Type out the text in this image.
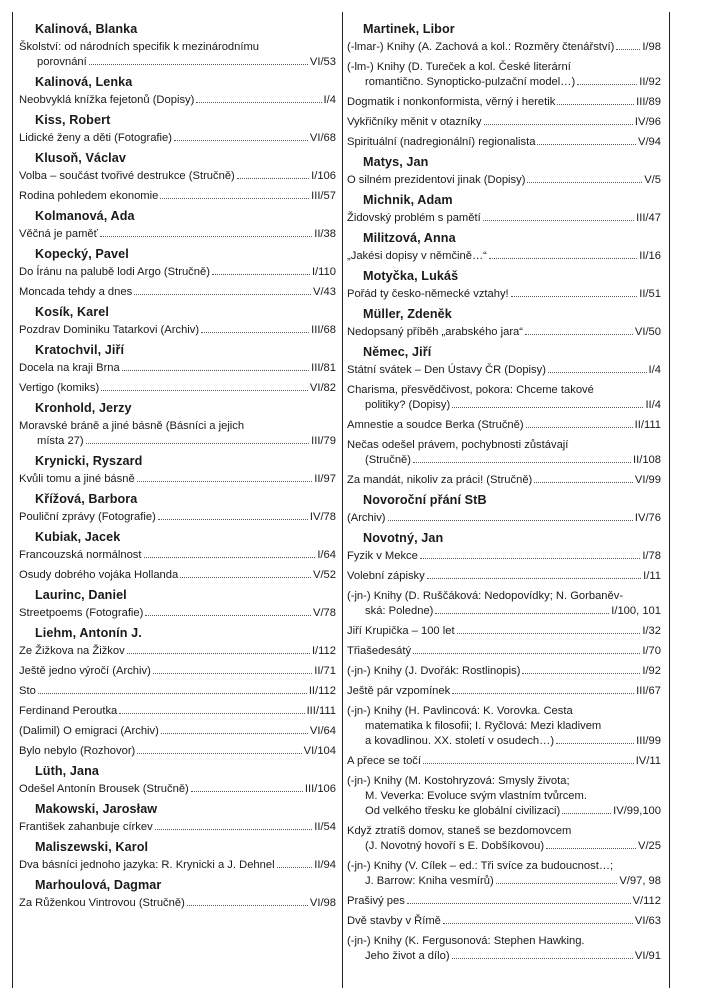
Kalinová, Blanka
Školství: od národních specifik k mezinárodnímu
porovnání	VI/53
Kalinová, Lenka
Neobvyklá knížka fejetonů (Dopisy)	I/4
Kiss, Robert
Lidické ženy a děti (Fotografie)	VI/68
Klusoň, Václav
Volba – součást tvořivé destrukce (Stručně)	I/106
Rodina pohledem ekonomie	III/57
Kolmanová, Ada
Věčná je paměť	II/38
Kopecký, Pavel
Do Íránu na palubě lodi Argo (Stručně)	I/110
Moncada tehdy a dnes	V/43
Kosík, Karel
Pozdrav Dominiku Tatarkovi (Archiv)	III/68
Kratochvil, Jiří
Docela na kraji Brna	III/81
Vertigo (komiks)	VI/82
Kronhold, Jerzy
Moravské bráně a jiné básně (Básníci a jejich
místa 27)	III/79
Krynicki, Ryszard
Kvůli tomu a jiné básně	II/97
Křížová, Barbora
Pouliční zprávy (Fotografie)	IV/78
Kubiak, Jacek
Francouzská normálnost	I/64
Osudy dobrého vojáka Hollanda	V/52
Laurinc, Daniel
Streetpoems (Fotografie)	V/78
Liehm, Antonín J.
Ze Žižkova na Žižkov	I/112
Ještě jedno výročí (Archiv)	II/71
Sto	II/112
Ferdinand Peroutka	III/111
(Dalimil) O emigraci (Archiv)	VI/64
Bylo nebylo (Rozhovor)	VI/104
Lüth, Jana
Odešel Antonín Brousek (Stručně)	III/106
Makowski, Jarosław
František zahanbuje církev	II/54
Maliszewski, Karol
Dva básníci jednoho jazyka: R. Krynicki a J. Dehnel	II/94
Marhoulová, Dagmar
Za Růženkou Vintrovou (Stručně)	VI/98
Martinek, Libor
(-lmar-) Knihy (A. Zachová a kol.: Rozměry čtenářství)	I/98
(-lm-) Knihy (D. Tureček a kol. České literární
romantično. Synopticko-pulzační model…)	II/92
Dogmatik i nonkonformista, věrný i heretik	III/89
Vykřičníky měnit v otazníky	IV/96
Spirituální (nadregionální) regionalista	V/94
Matys, Jan
O silném prezidentovi jinak (Dopisy)	V/5
Michnik, Adam
Židovský problém s pamětí	III/47
Militzová, Anna
„Jakési dopisy v němčině…“	II/16
Motyčka, Lukáš
Pořád ty česko-německé vztahy!	II/51
Müller, Zdeněk
Nedopsaný příběh „arabského jara“	VI/50
Němec, Jiří
Státní svátek – Den Ústavy ČR (Dopisy)	I/4
Charisma, přesvědčivost, pokora: Chceme takové
politiky? (Dopisy)	II/4
Amnestie a soudce Berka (Stručně)	II/111
Nečas odešel právem, pochybnosti zůstávají
(Stručně)	II/108
Za mandát, nikoliv za práci! (Stručně)	VI/99
Novoroční přání StB
(Archiv)	IV/76
Novotný, Jan
Fyzik v Mekce	I/78
Volební zápisky	I/11
(-jn-) Knihy (D. Ruščáková: Nedopovídky; N. Gorbaněv-
ská: Poledne)	I/100, 101
Jiří Krupička – 100 let	I/32
Třiašedesátý	I/70
(-jn-) Knihy (J. Dvořák: Rostlinopis)	I/92
Ještě pár vzpomínek	III/67
(-jn-) Knihy (H. Pavlincová: K. Vorovka. Cesta
matematika k filosofii; I. Ryčlová: Mezi kladivem
a kovadlinou. XX. století v osudech…)	III/99
A přece se točí	IV/11
(-jn-) Knihy (M. Kostohryzová: Smysly života;
M. Veverka: Evoluce svým vlastním tvůrcem.
Od velkého třesku ke globální civilizaci)	IV/99,100
Když ztratíš domov, staneš se bezdomovcem
(J. Novotný hovoří s E. Dobšíkovou)	V/25
(-jn-) Knihy (V. Cílek – ed.: Tři svíce za budoucnost…;
J. Barrow: Kniha vesmírů)	V/97, 98
Prašivý pes	V/112
Dvě stavby v Římě	VI/63
(-jn-) Knihy (K. Fergusonová: Stephen Hawking.
Jeho život a dílo)	VI/91
